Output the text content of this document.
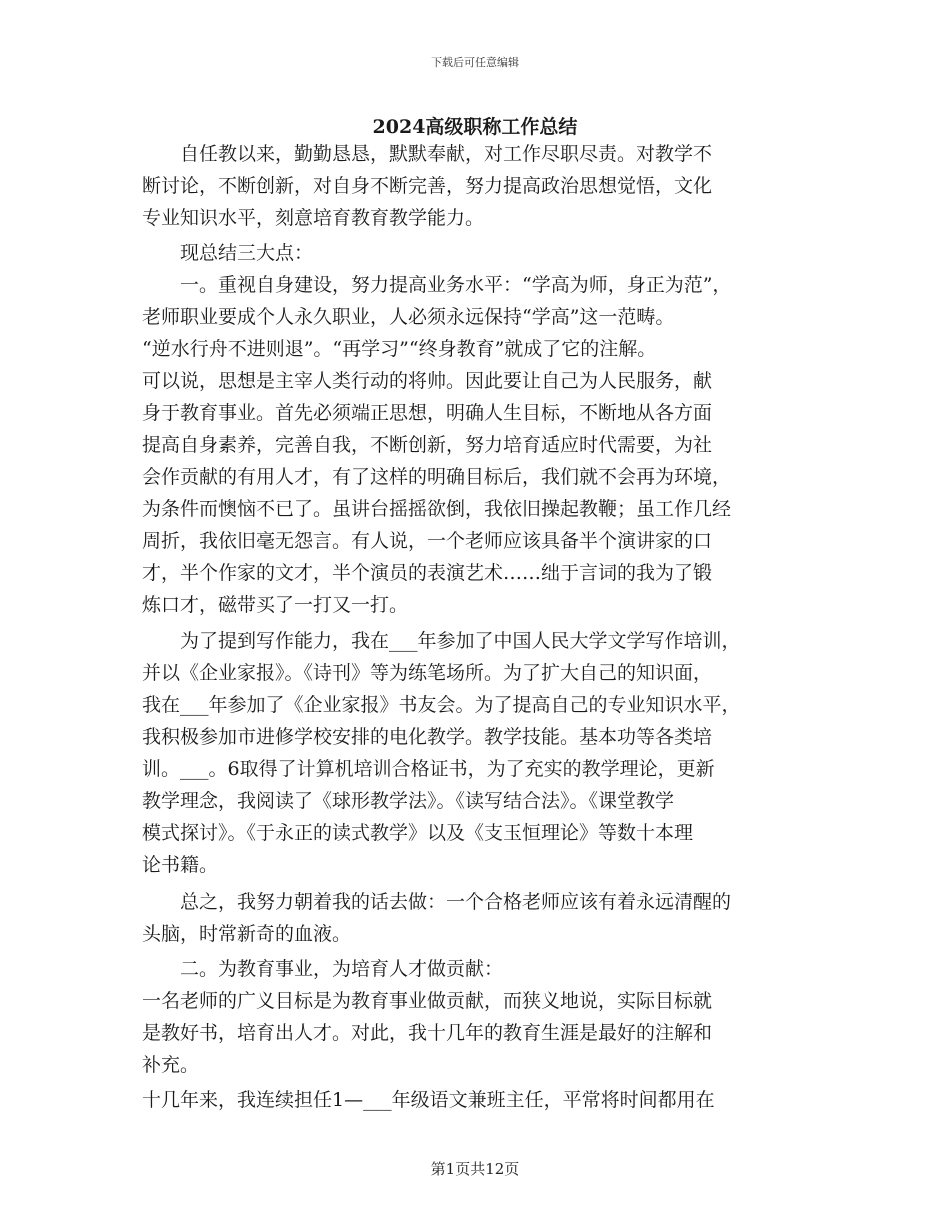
下载后可任意编辑
2024高级职称工作总结
　　自任教以来，勤勤恳恳，默默奉献，对工作尽职尽责。对教学不
断讨论，不断创新，对自身不断完善，努力提高政治思想觉悟，文化
专业知识水平，刻意培育教育教学能力。
　　现总结三大点：
　　一。重视自身建设，努力提高业务水平：“学高为师，身正为范”，
老师职业要成个人永久职业，人必须永远保持“学高”这一范畴。
“逆水行舟不进则退”。“再学习”“终身教育”就成了它的注解。
可以说，思想是主宰人类行动的将帅。因此要让自己为人民服务，献
身于教育事业。首先必须端正思想，明确人生目标，不断地从各方面
提高自身素养，完善自我，不断创新，努力培育适应时代需要，为社
会作贡献的有用人才，有了这样的明确目标后，我们就不会再为环境，
为条件而懊恼不已了。虽讲台摇摇欲倒，我依旧操起教鞭；虽工作几经
周折，我依旧毫无怨言。有人说，一个老师应该具备半个演讲家的口
才，半个作家的文才，半个演员的表演艺术……绌于言词的我为了锻
炼口才，磁带买了一打又一打。
　　为了提到写作能力，我在___年参加了中国人民大学文学写作培训，
并以《企业家报》。《诗刊》等为练笔场所。为了扩大自己的知识面，
我在___年参加了《企业家报》书友会。为了提高自己的专业知识水平，
我积极参加市进修学校安排的电化教学。教学技能。基本功等各类培
训。___。6取得了计算机培训合格证书，为了充实的教学理论，更新
教学理念，我阅读了《球形教学法》。《读写结合法》。《课堂教学
模式探讨》。《于永正的读式教学》以及《支玉恒理论》等数十本理
论书籍。
　　总之，我努力朝着我的话去做：一个合格老师应该有着永远清醒的
头脑，时常新奇的血液。
　　二。为教育事业，为培育人才做贡献：
一名老师的广义目标是为教育事业做贡献，而狭义地说，实际目标就
是教好书，培育出人才。对此，我十几年的教育生涯是最好的注解和
补充。
十几年来，我连续担任1—___年级语文兼班主任，平常将时间都用在
第1页共12页
